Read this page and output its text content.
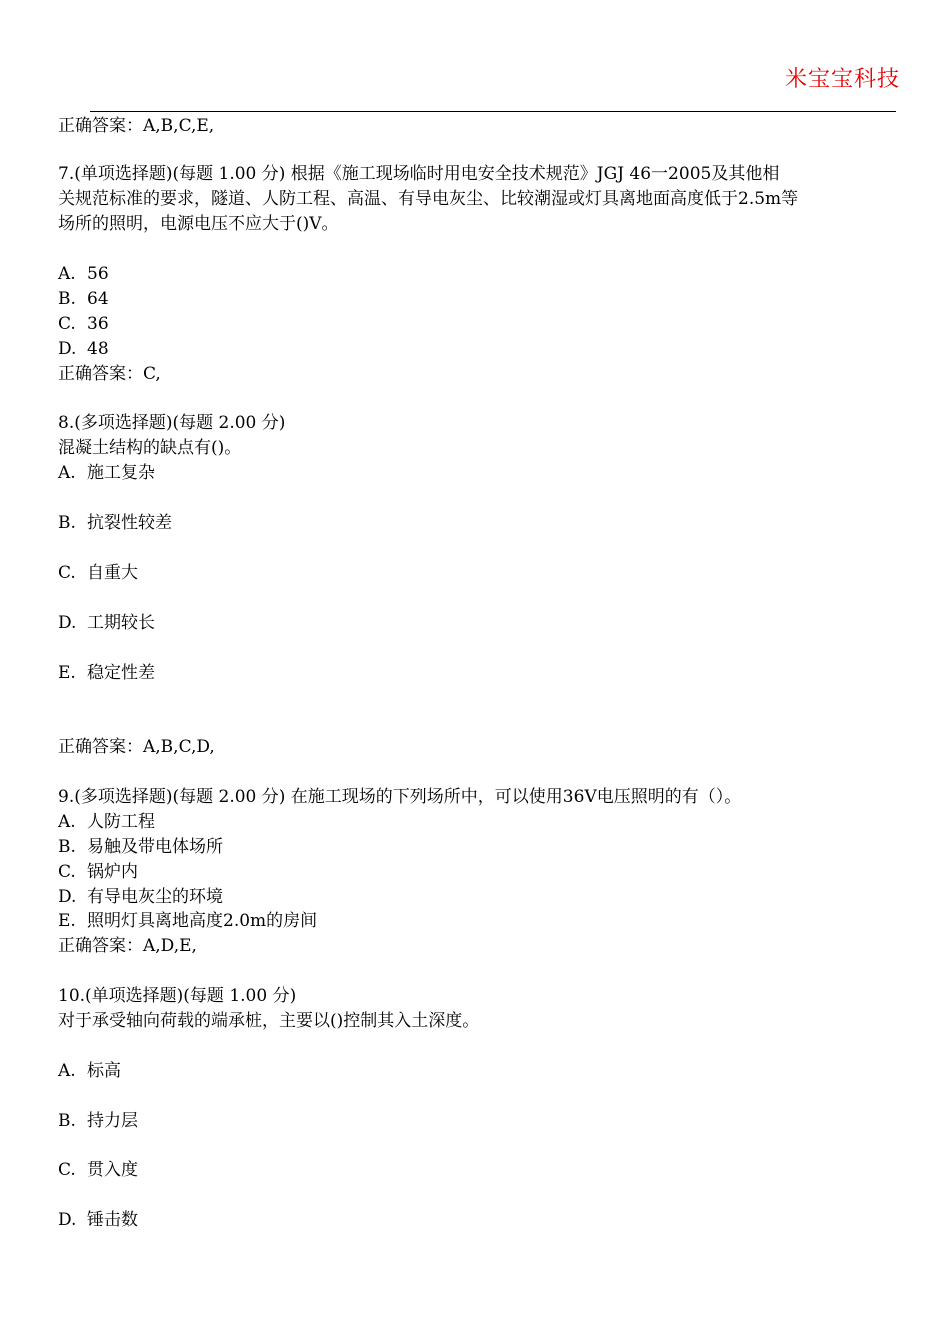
米宝宝科技
正确答案：A,B,C,E,
7.(单项选择题)(每题 1.00 分) 根据《施工现场临时用电安全技术规范》JGJ 46一2005及其他相
关规范标准的要求，隧道、人防工程、高温、有导电灰尘、比较潮湿或灯具离地面高度低于2.5m等
场所的照明，电源电压不应大于()V。
A. 56
B. 64
C. 36
D. 48
正确答案：C,
8.(多项选择题)(每题 2.00 分)
混凝土结构的缺点有()。
A. 施工复杂
B. 抗裂性较差
C. 自重大
D. 工期较长
E. 稳定性差
正确答案：A,B,C,D,
9.(多项选择题)(每题 2.00 分) 在施工现场的下列场所中，可以使用36V电压照明的有（）。
A. 人防工程
B. 易触及带电体场所
C. 锅炉内
D. 有导电灰尘的环境
E. 照明灯具离地高度2.0m的房间
正确答案：A,D,E,
10.(单项选择题)(每题 1.00 分)
对于承受轴向荷载的端承桩，主要以()控制其入土深度。
A. 标高
B. 持力层
C. 贯入度
D. 锤击数
